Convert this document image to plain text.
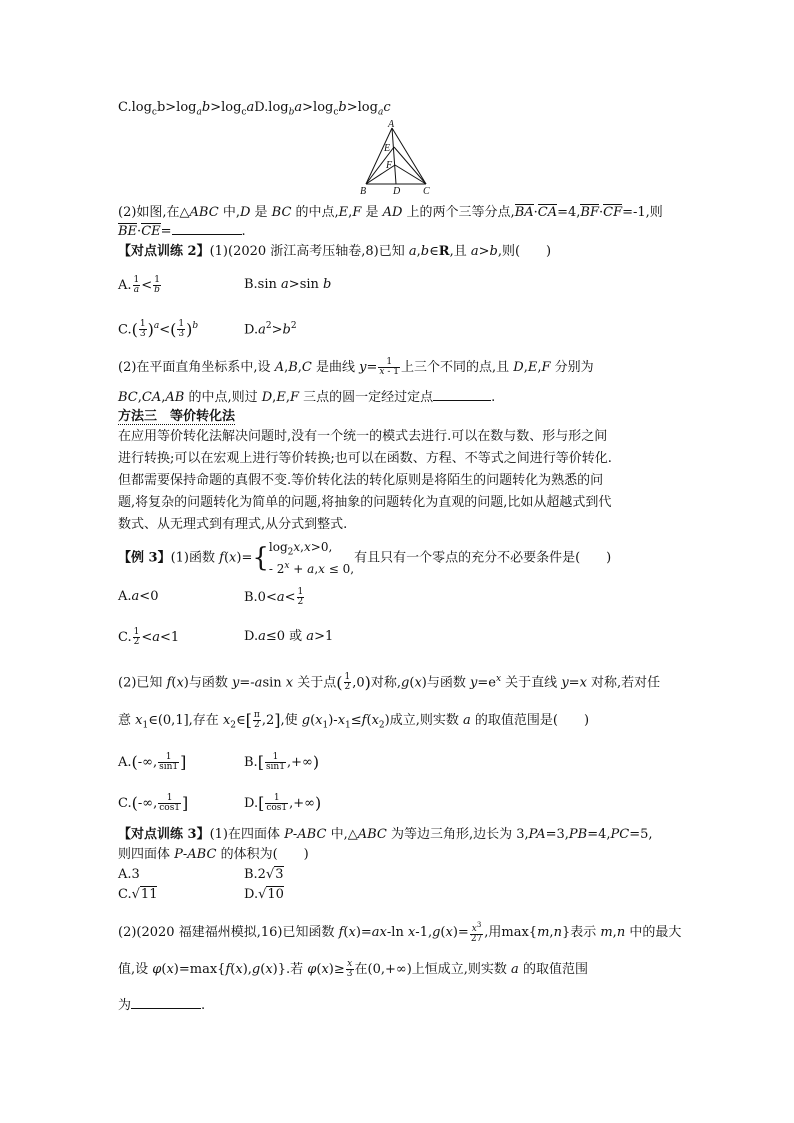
$C.\log_cb>\log_ab>\log_caD.\log_ba>\log_cb>\log_ac$
A
E
F
B	D C
(2)如图,在△ABC 中,D 是 BC 的中点,E,F 是 AD 上的两个三等分点,BA·CA=4,BF·CF=-1,则
BE·CE=	.
【对点训练 2】(1)(2020 浙江高考压轴卷,8)已知 a,b∈R,且 a>b,则(　　)
A. $\frac{1}{a} < \frac{1}{b}$	B.sin a>sin b
$C.( \frac{1}{3} )^a<( \frac{1}{3} )^b$	$D.a^2>b^2$
(2)在平面直角坐标系中,设 A,B,C 是曲线 $y= \frac{1}{x - 1}$ 上三个不同的点,且 D,E,F 分别为
BC,CA,AB 的中点,则过 D,E,F 三点的圆一定经过定点	.
方法三　等价转化法
在应用等价转化法解决问题时,没有一个统一的模式去进行.可以在数与数、形与形之间
进行转换;可以在宏观上进行等价转换;也可以在函数、方程、不等式之间进行等价转化.
但都需要保持命题的真假不变.等价转化法的转化原则是将陌生的问题转化为熟悉的问
题,将复杂的问题转化为简单的问题,将抽象的问题转化为直观的问题,比如从超越式到代
数式、从无理式到有理式,从分式到整式.
【例 3】(1)函数 f(x)={ $\log_2x,x>0$,
- $2^x + a,x \le 0$,
有且只有一个零点的充分不必要条件是(　　)
A.a<0	$B.0<a< \frac{1}{2}$
C. $\frac{1}{2} <a<1$	D.a≤0 或 a>1
(2)已知 f(x)与函数 y=-asin x 关于点( $\frac{1}{2} ,0$)对称,g(x)与函数 $y=e^x$ 关于直线 y=x 对称,若对任
意 $x_1\in(0,1]$,存在 $x_2\in[ \frac{\pi}{2} ,2]$,使 $g(x_1)-x_1\le f(x_2)$成立,则实数 a 的取值范围是(　　)
A.(-∞, $\frac{1}{\sin 1}$ ]	$B.[ \frac{1}{\sin 1}$ ,+∞)
C.(-∞, $\frac{1}{\cos 1}$ ]	$D.[ \frac{1}{\cos 1}$ ,+∞)
【对点训练 3】(1)在四面体 P-ABC 中,△ABC 为等边三角形,边长为 3,PA=3,PB=4,PC=5,
则四面体 P-ABC 的体积为(　　)
A.3	B.2√3
C.√11	D.√10
(2)(2020 福建福州模拟,16)已知函数 f(x)=ax-ln $x-1,g(x)= \frac{x^3}{27}$ ,用max{m,n}表示 m,n 中的最大
值,设 φ(x)=max{f(x),g(x)}.若 $\varphi(x)\ge \frac{x}{3}$ 在(0,+∞)上恒成立,则实数 a 的取值范围
为	.
